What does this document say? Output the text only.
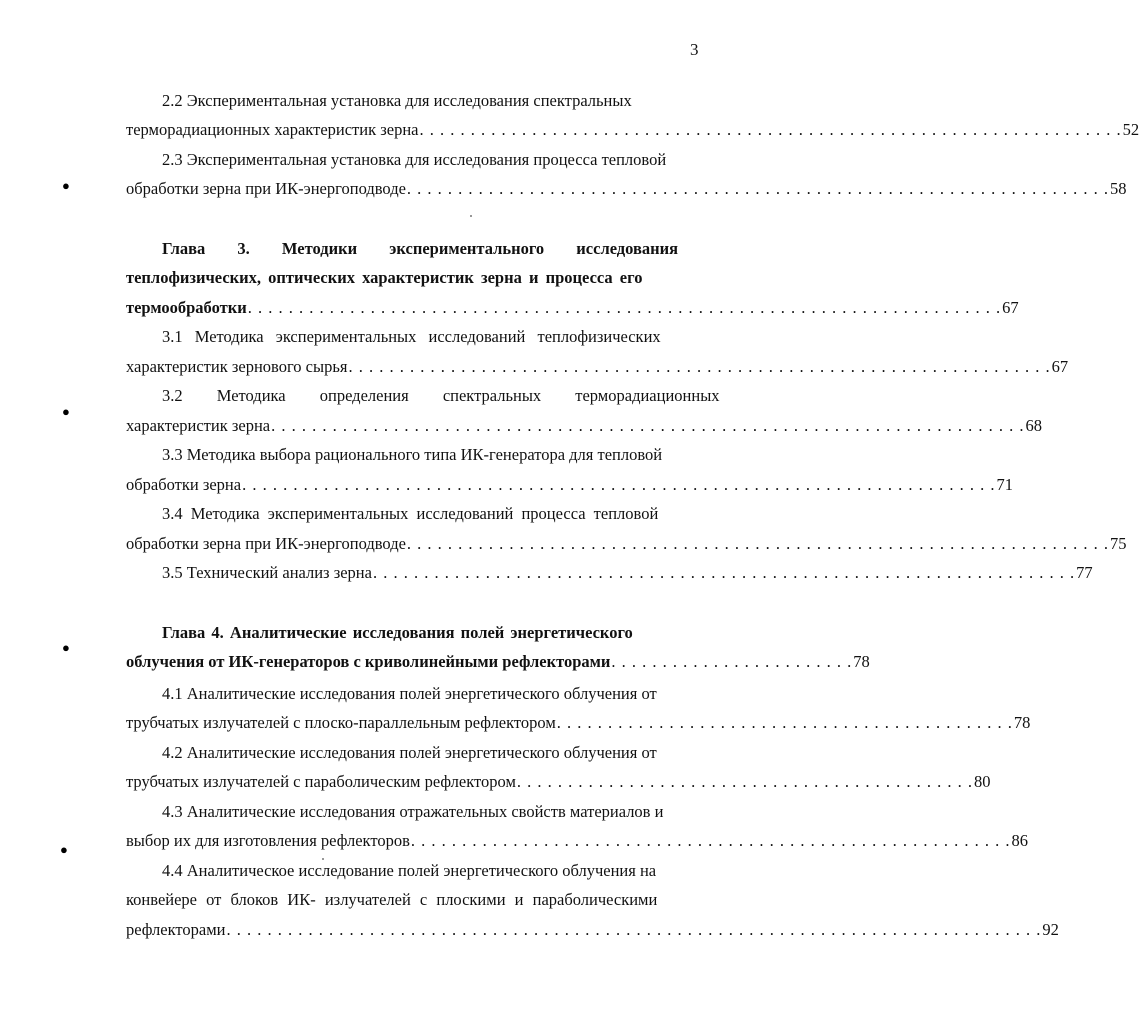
3
●
●
●
●
2.2 Экспериментальная установка для исследования спектральных
терморадиационных характеристик зерна . . . . . . . . . . . . . . . . . . . . . . . . . . . . . . . . . . . . . . . . . . . . . . . . . . . . . . . . . . . . . . . . . . . . . 52
2.3 Экспериментальная установка для исследования процесса тепловой
обработки зерна при ИК-энергоподводе . . . . . . . . . . . . . . . . . . . . . . . . . . . . . . . . . . . . . . . . . . . . . . . . . . . . . . . . . . . . . . . . . . . . . 58
Глава 3. Методики экспериментального исследования
теплофизических, оптических характеристик зерна и процесса его
термообработки . . . . . . . . . . . . . . . . . . . . . . . . . . . . . . . . . . . . . . . . . . . . . . . . . . . . . . . . . . . . . . . . . . . . . . . . . . 67
3.1 Методика экспериментальных исследований теплофизических
характеристик зернового сырья . . . . . . . . . . . . . . . . . . . . . . . . . . . . . . . . . . . . . . . . . . . . . . . . . . . . . . . . . . . . . . . . . . . . . 67
3.2 Методика определения спектральных терморадиационных
характеристик зерна . . . . . . . . . . . . . . . . . . . . . . . . . . . . . . . . . . . . . . . . . . . . . . . . . . . . . . . . . . . . . . . . . . . . . . . . . . 68
3.3 Методика выбора рационального типа ИК-генератора для тепловой
обработки зерна . . . . . . . . . . . . . . . . . . . . . . . . . . . . . . . . . . . . . . . . . . . . . . . . . . . . . . . . . . . . . . . . . . . . . . . . . . 71
3.4 Методика экспериментальных исследований процесса тепловой
обработки зерна при ИК-энергоподводе . . . . . . . . . . . . . . . . . . . . . . . . . . . . . . . . . . . . . . . . . . . . . . . . . . . . . . . . . . . . . . . . . . . . . 75
3.5 Технический анализ зерна . . . . . . . . . . . . . . . . . . . . . . . . . . . . . . . . . . . . . . . . . . . . . . . . . . . . . . . . . . . . . . . . . . . . . 77
Глава 4. Аналитические исследования полей энергетического
облучения от ИК-генераторов с криволинейными рефлекторами . . . . . . . . . . . . . . . . . . . . . . . . 78
4.1 Аналитические исследования полей энергетического облучения от
трубчатых излучателей с плоско-параллельным рефлектором . . . . . . . . . . . . . . . . . . . . . . . . . . . . . . . . . . . . . . . . . . . . . 78
4.2 Аналитические исследования полей энергетического облучения от
трубчатых излучателей с параболическим рефлектором . . . . . . . . . . . . . . . . . . . . . . . . . . . . . . . . . . . . . . . . . . . . . 80
4.3 Аналитические исследования отражательных свойств материалов и
выбор их для изготовления рефлекторов . . . . . . . . . . . . . . . . . . . . . . . . . . . . . . . . . . . . . . . . . . . . . . . . . . . . . . . . . . . 86
4.4 Аналитическое исследование полей энергетического облучения на
конвейере от блоков ИК- излучателей с плоскими и параболическими
рефлекторами . . . . . . . . . . . . . . . . . . . . . . . . . . . . . . . . . . . . . . . . . . . . . . . . . . . . . . . . . . . . . . . . . . . . . . . . . . . . . . . . 92
